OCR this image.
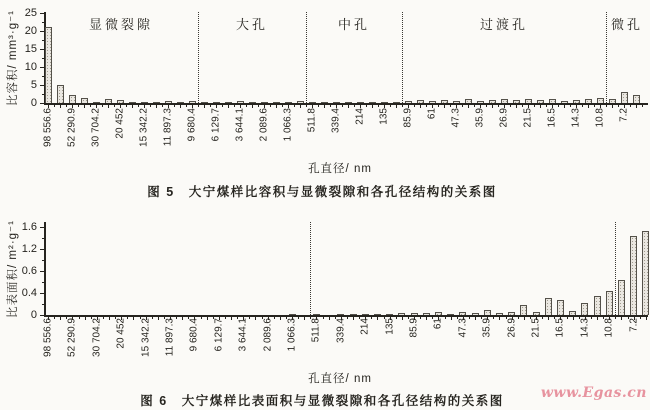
0
5
10
15
20
25
98 556.6 52 290.9 30 704.2 20 452 15 342.2 11 897.3 9 680.4 6 129.7 3 644.1 2 089.6 1 066.3 511.8 339.4 214 135 85.9 61 47.3 35.9 26.9 21.5 16.5 14.3 10.8 7.2
显微裂隙	大孔	中孔	过渡孔	微孔
孔直径/ nm
比容积/ mm³·g⁻¹
图 5　大宁煤样比容积与显微裂隙和各孔径结构的关系图
0
0.4
0.6
1.2
1.6
98 556.6 52 290.9 30 704.2 20 452 15 342.2 11 897.3 9 680.4 6 129.7 3 644.1 2 089.6 1 066.3 511.8 339.4 214 135 85.9 61 47.3 35.9 26.9 21.5 16.5 14.3 10.8 7.2
孔直径/ nm
比表面积/ m²·g⁻¹
图 6　大宁煤样比表面积与显微裂隙和各孔径结构的关系图	www.Egas.cn
